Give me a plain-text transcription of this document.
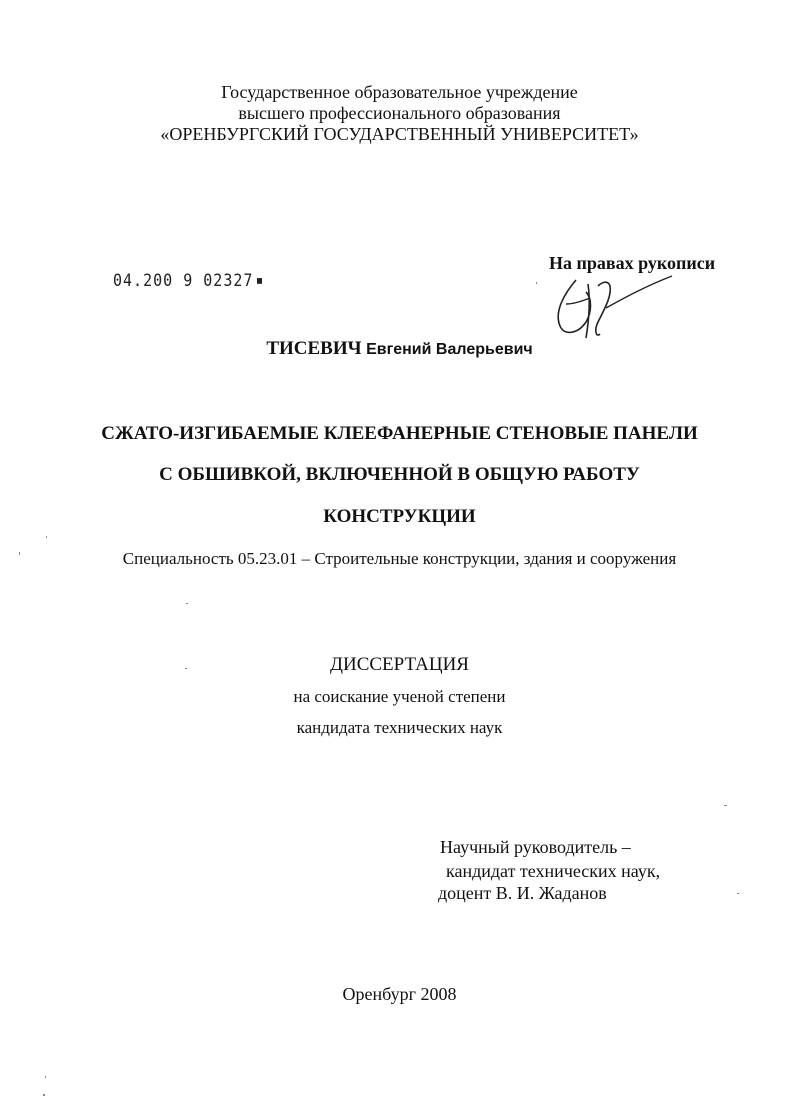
Государственное образовательное учреждение
высшего профессионального образования
«ОРЕНБУРГСКИЙ ГОСУДАРСТВЕННЫЙ УНИВЕРСИТЕТ»
04.200 9 02327
На правах рукописи
ТИСЕВИЧ Евгений Валерьевич
СЖАТО-ИЗГИБАЕМЫЕ КЛЕЕФАНЕРНЫЕ СТЕНОВЫЕ ПАНЕЛИ
С ОБШИВКОЙ, ВКЛЮЧЕННОЙ В ОБЩУЮ РАБОТУ
КОНСТРУКЦИИ
Специальность 05.23.01 – Строительные конструкции, здания и сооружения
ДИССЕРТАЦИЯ
на соискание ученой степени
кандидата технических наук
Научный руководитель –
кандидат технических наук,
доцент В. И. Жаданов
Оренбург 2008
